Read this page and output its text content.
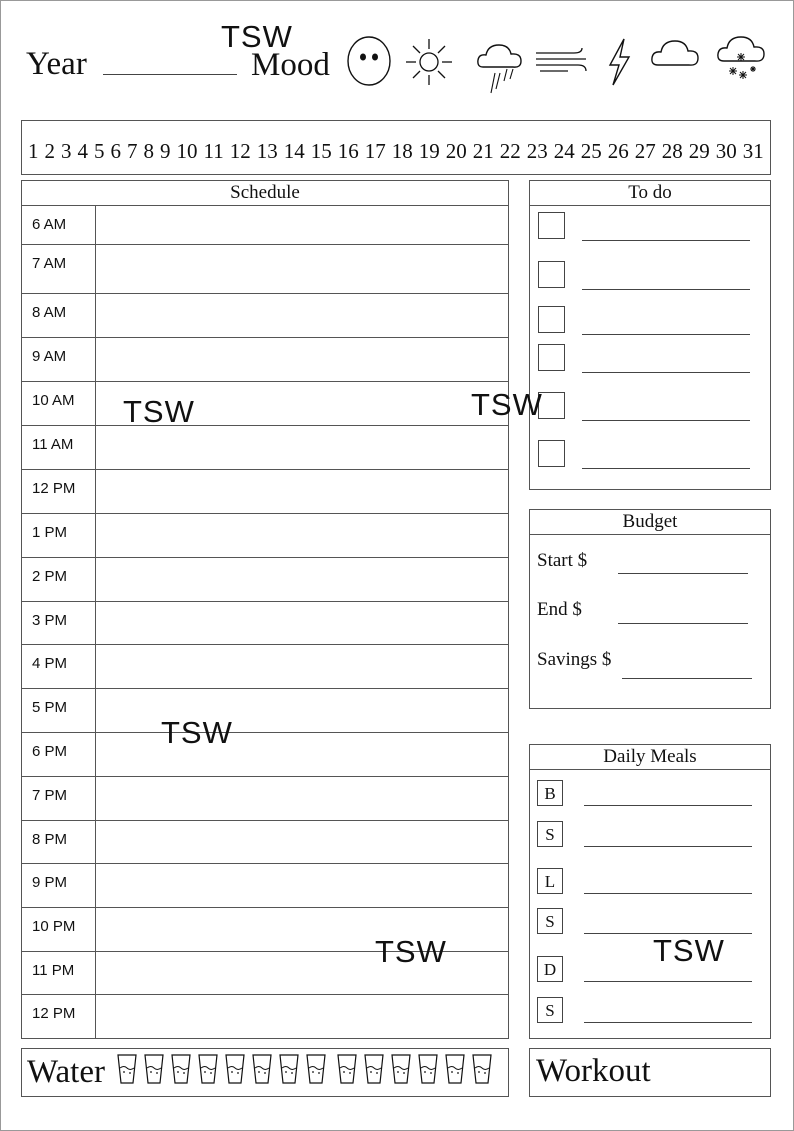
Year	Mood
TSW
1 2 3 4 5 6 7 8 9 10 11 12 13 14 15 16 17 18 19 20 21 22 23 24 25 26 27 28 29 30 31
Schedule
6 AM
7 AM
8 AM
9 AM
10 AM
11 AM
12 PM
1 PM
2 PM
3 PM
4 PM
5 PM
6 PM
7 PM
8 PM
9 PM
10 PM
11 PM
12 PM
To do
Budget
Start $
End $
Savings $
Daily Meals
B
S
L
S
D
S
Water	Workout
TSW	TSW
TSW
TSW	TSW
